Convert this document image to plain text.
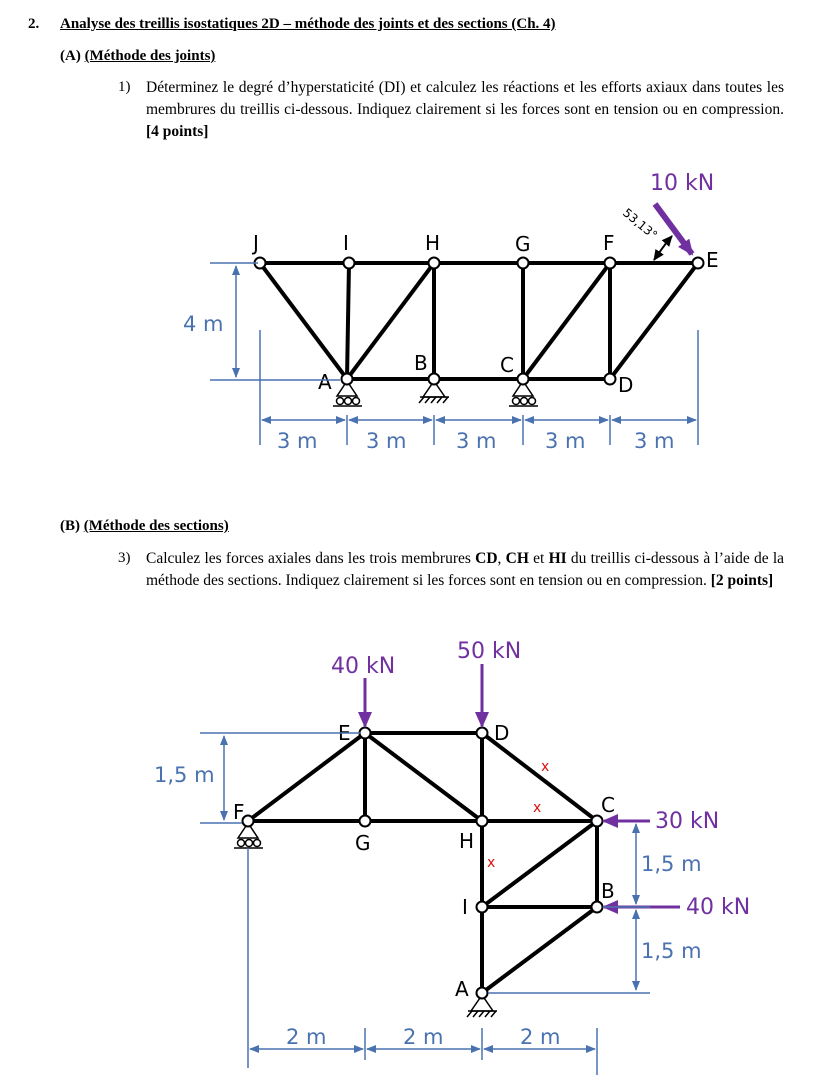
2. Analyse des treillis isostatiques 2D – méthode des joints et des sections (Ch. 4)
(A) (Méthode des joints)
1) Déterminez le degré d’hyperstaticité (DI) et calculez les réactions et les efforts axiaux dans toutes les membrures du treillis ci-dessous. Indiquez clairement si les forces sont en tension ou en compression. [4 points]
(B) (Méthode des sections)
3) Calculez les forces axiales dans les trois membrures CD, CH et HI du treillis ci-dessous à l’aide de la méthode des sections. Indiquez clairement si les forces sont en tension ou en compression. [2 points]
J	I	H	G	F
E
A
B	C
D
10 kN
53,13°
4 m
3 m 3 m 3 m 3 m 3 m
E	D
F
G	H
C
I
B
A
x
x
x
40 kN
50 kN
30 kN
40 kN
1,5 m
1,5 m
1,5 m
2 m	2 m	2 m
